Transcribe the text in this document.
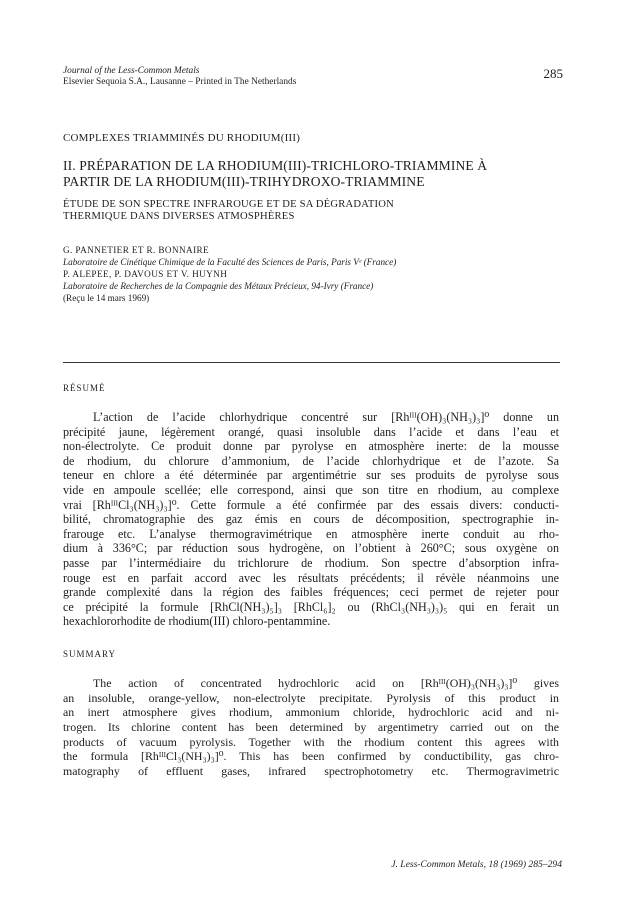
Journal of the Less-Common Metals
Elsevier Sequoia S.A., Lausanne – Printed in The Netherlands
285
COMPLEXES TRIAMMINÉS DU RHODIUM(III)
II. PRÉPARATION DE LA RHODIUM(III)-TRICHLORO-TRIAMMINE À
PARTIR DE LA RHODIUM(III)-TRIHYDROXO-TRIAMMINE
ÉTUDE DE SON SPECTRE INFRAROUGE ET DE SA DÉGRADATION
THERMIQUE DANS DIVERSES ATMOSPHÈRES
G. PANNETIER ET R. BONNAIRE
Laboratoire de Cinétique Chimique de la Faculté des Sciences de Paris, Paris Vᵉ (France)
P. ALEPEE, P. DAVOUS ET V. HUYNH
Laboratoire de Recherches de la Compagnie des Métaux Précieux, 94-Ivry (France)
(Reçu le 14 mars 1969)
RÉSUMÉ
L’action de l’acide chlorhydrique concentré sur [Rhᴵᴵᴵ(OH)₃(NH₃)₃]⁰ donne un
précipité jaune, légèrement orangé, quasi insoluble dans l’acide et dans l’eau et
non-électrolyte. Ce produit donne par pyrolyse en atmosphère inerte: de la mousse
de rhodium, du chlorure d’ammonium, de l’acide chlorhydrique et de l’azote. Sa
teneur en chlore a été déterminée par argentimétrie sur ses produits de pyrolyse sous
vide en ampoule scellée; elle correspond, ainsi que son titre en rhodium, au complexe
vrai [RhᴵᴵᴵCl₃(NH₃)₃]⁰. Cette formule a été confirmée par des essais divers: conducti-
bilité, chromatographie des gaz émis en cours de décomposition, spectrographie in-
frarouge etc. L’analyse thermogravimétrique en atmosphère inerte conduit au rho-
dium à 336°C; par réduction sous hydrogène, on l’obtient à 260°C; sous oxygène on
passe par l’intermédiaire du trichlorure de rhodium. Son spectre d’absorption infra-
rouge est en parfait accord avec les résultats précédents; il révèle néanmoins une
grande complexité dans la région des faibles fréquences; ceci permet de rejeter pour
ce précipité la formule [RhCl(NH₃)₅]₃ [RhCl₆]₂ ou (RhCl₃(NH₃)₃)₅ qui en ferait un
hexachlororhodite de rhodium(III) chloro-pentammine.
SUMMARY
The action of concentrated hydrochloric acid on [Rhᴵᴵᴵ(OH)₃(NH₃)₃]⁰ gives
an insoluble, orange-yellow, non-electrolyte precipitate. Pyrolysis of this product in
an inert atmosphere gives rhodium, ammonium chloride, hydrochloric acid and ni-
trogen. Its chlorine content has been determined by argentimetry carried out on the
products of vacuum pyrolysis. Together with the rhodium content this agrees with
the formula [RhᴵᴵᴵCl₃(NH₃)₃]⁰. This has been confirmed by conductibility, gas chro-
matography of effluent gases, infrared spectrophotometry etc. Thermogravimetric
J. Less-Common Metals, 18 (1969) 285–294
